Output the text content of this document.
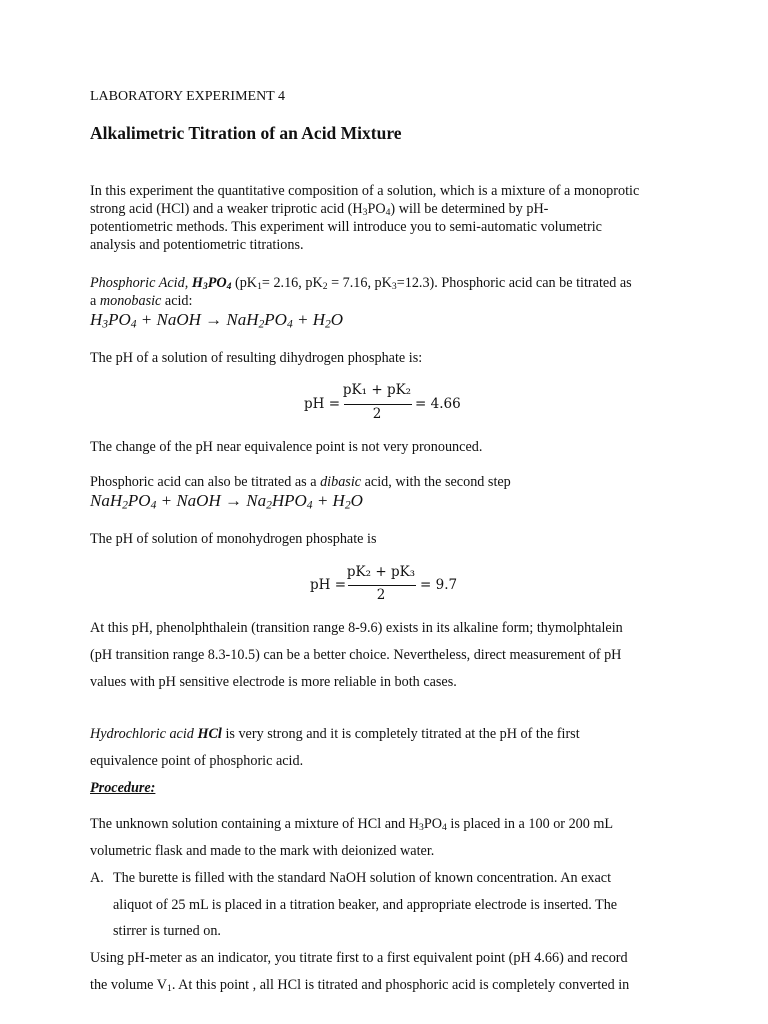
LABORATORY EXPERIMENT 4

Alkalimetric Titration of an Acid Mixture

In this experiment the quantitative composition of a solution, which is a mixture of a monoprotic

strong acid (HCl) and a weaker triprotic acid $(H_3PO_4)$ will be determined by pH-

potentiometric methods. This experiment will introduce you to semi-automatic volumetric

analysis and potentiometric titrations.

Phosphoric Acid, $H_3PO_4$ ($pK_1= 2.16$, $pK_2 = 7.16$, $pK_3=12.3$). Phosphoric acid can be titrated as

a monobasic acid:

$H_3PO_4$ + NaOH → $NaH_2PO_4 + H_2O$

The pH of a solution of resulting dihydrogen phosphate is:

pH =
pK₁ + pK₂
2
= 4.66

The change of the pH near equivalence point is not very pronounced.

Phosphoric acid can also be titrated as a dibasic acid, with the second step

$NaH_2PO_4$ + NaOH → $Na_2HPO_4 + H_2O$

The pH of solution of monohydrogen phosphate is

pH =
pK₂ + pK₃
2
= 9.7

At this pH, phenolphthalein (transition range 8-9.6) exists in its alkaline form; thymolphtalein

(pH transition range 8.3-10.5) can be a better choice. Nevertheless, direct measurement of pH

values with pH sensitive electrode is more reliable in both cases.

Hydrochloric acid HCl is very strong and it is completely titrated at the pH of the first

equivalence point of phosphoric acid.

Procedure:

The unknown solution containing a mixture of HCl and $H_3PO_4$ is placed in a 100 or 200 mL

volumetric flask and made to the mark with deionized water.

A. The burette is filled with the standard NaOH solution of known concentration. An exact

aliquot of 25 mL is placed in a titration beaker, and appropriate electrode is inserted. The

stirrer is turned on.

Using pH-meter as an indicator, you titrate first to a first equivalent point (pH 4.66) and record

the volume $V_1$. At this point , all HCl is titrated and phosphoric acid is completely converted in
